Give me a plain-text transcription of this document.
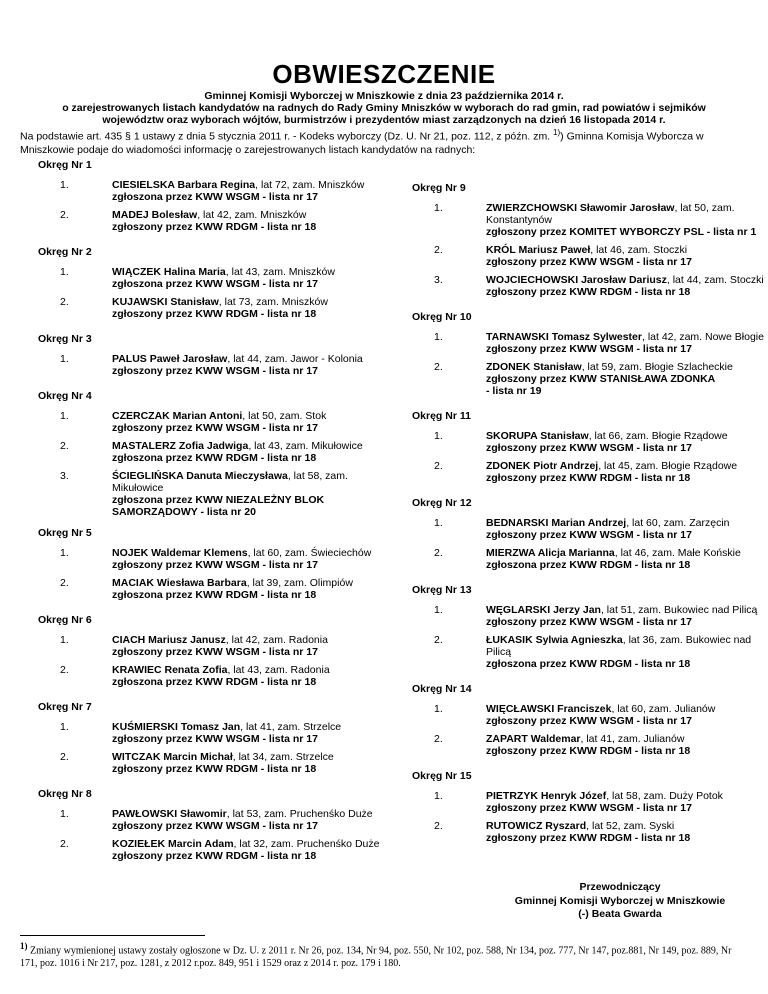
OBWIESZCZENIE
Gminnej Komisji Wyborczej w Mniszkowie z dnia 23 października 2014 r.
o zarejestrowanych listach kandydatów na radnych do Rady Gminy Mniszków w wyborach do rad gmin, rad powiatów i sejmików
województw oraz wyborach wójtów, burmistrzów i prezydentów miast zarządzonych na dzień 16 listopada 2014 r.
Na podstawie art. 435 § 1 ustawy z dnia 5 stycznia 2011 r. - Kodeks wyborczy (Dz. U. Nr 21, poz. 112, z późn. zm. $^{1)}$) Gminna Komisja Wyborcza w Mniszkowie podaje do wiadomości informację o zarejestrowanych listach kandydatów na radnych:
Okręg Nr 1
1.	CIESIELSKA Barbara Regina, lat 72, zam. Mniszków
zgłoszona przez KWW WSGM - lista nr 17
2.	MADEJ Bolesław, lat 42, zam. Mniszków
zgłoszony przez KWW RDGM - lista nr 18
Okręg Nr 2
1.	WIĄCZEK Halina Maria, lat 43, zam. Mniszków
zgłoszona przez KWW WSGM - lista nr 17
2.	KUJAWSKI Stanisław, lat 73, zam. Mniszków
zgłoszony przez KWW RDGM - lista nr 18
Okręg Nr 3
1.	PALUS Paweł Jarosław, lat 44, zam. Jawor - Kolonia
zgłoszony przez KWW WSGM - lista nr 17
Okręg Nr 4
1.	CZERCZAK Marian Antoni, lat 50, zam. Stok
zgłoszony przez KWW WSGM - lista nr 17
2.	MASTALERZ Zofia Jadwiga, lat 43, zam. Mikułowice
zgłoszona przez KWW RDGM - lista nr 18
3.	ŚCIEGLIŃSKA Danuta Mieczysława, lat 58, zam.
Mikułowice
zgłoszona przez KWW NIEZALEŻNY BLOK
SAMORZĄDOWY - lista nr 20
Okręg Nr 5
1.	NOJEK Waldemar Klemens, lat 60, zam. Świeciechów
zgłoszony przez KWW WSGM - lista nr 17
2.	MACIAK Wiesława Barbara, lat 39, zam. Olimpiów
zgłoszona przez KWW RDGM - lista nr 18
Okręg Nr 6
1.	CIACH Mariusz Janusz, lat 42, zam. Radonia
zgłoszony przez KWW WSGM - lista nr 17
2.	KRAWIEC Renata Zofia, lat 43, zam. Radonia
zgłoszona przez KWW RDGM - lista nr 18
Okręg Nr 7
1.	KUŚMIERSKI Tomasz Jan, lat 41, zam. Strzelce
zgłoszony przez KWW WSGM - lista nr 17
2.	WITCZAK Marcin Michał, lat 34, zam. Strzelce
zgłoszony przez KWW RDGM - lista nr 18
Okręg Nr 8
1.	PAWŁOWSKI Sławomir, lat 53, zam. Pruchenśko Duże
zgłoszony przez KWW WSGM - lista nr 17
2.	KOZIEŁEK Marcin Adam, lat 32, zam. Pruchenśko Duże
zgłoszony przez KWW RDGM - lista nr 18
Okręg Nr 9
1.	ZWIERZCHOWSKI Sławomir Jarosław, lat 50, zam.
Konstantynów
zgłoszony przez KOMITET WYBORCZY PSL - lista nr 1
2.	KRÓL Mariusz Paweł, lat 46, zam. Stoczki
zgłoszony przez KWW WSGM - lista nr 17
3.	WOJCIECHOWSKI Jarosław Dariusz, lat 44, zam. Stoczki
zgłoszony przez KWW RDGM - lista nr 18
Okręg Nr 10
1.	TARNAWSKI Tomasz Sylwester, lat 42, zam. Nowe Błogie
zgłoszony przez KWW WSGM - lista nr 17
2.	ZDONEK Stanisław, lat 59, zam. Błogie Szlacheckie
zgłoszony przez KWW STANISŁAWA ZDONKA
- lista nr 19
Okręg Nr 11
1.	SKORUPA Stanisław, lat 66, zam. Błogie Rządowe
zgłoszony przez KWW WSGM - lista nr 17
2.	ZDONEK Piotr Andrzej, lat 45, zam. Błogie Rządowe
zgłoszony przez KWW RDGM - lista nr 18
Okręg Nr 12
1.	BEDNARSKI Marian Andrzej, lat 60, zam. Zarzęcin
zgłoszony przez KWW WSGM - lista nr 17
2.	MIERZWA Alicja Marianna, lat 46, zam. Małe Końskie
zgłoszona przez KWW RDGM - lista nr 18
Okręg Nr 13
1.	WĘGLARSKI Jerzy Jan, lat 51, zam. Bukowiec nad Pilicą
zgłoszony przez KWW WSGM - lista nr 17
2.	ŁUKASIK Sylwia Agnieszka, lat 36, zam. Bukowiec nad
Pilicą
zgłoszona przez KWW RDGM - lista nr 18
Okręg Nr 14
1.	WIĘCŁAWSKI Franciszek, lat 60, zam. Julianów
zgłoszony przez KWW WSGM - lista nr 17
2.	ZAPART Waldemar, lat 41, zam. Julianów
zgłoszony przez KWW RDGM - lista nr 18
Okręg Nr 15
1.	PIETRZYK Henryk Józef, lat 58, zam. Duży Potok
zgłoszony przez KWW WSGM - lista nr 17
2.	RUTOWICZ Ryszard, lat 52, zam. Syski
zgłoszony przez KWW RDGM - lista nr 18
Przewodniczący
Gminnej Komisji Wyborczej w Mniszkowie
(-) Beata Gwarda
$^{1)}$ Zmiany wymienionej ustawy zostały ogłoszone w Dz. U. z 2011 r. Nr 26, poz. 134, Nr 94, poz. 550, Nr 102, poz. 588, Nr 134, poz. 777, Nr 147, poz.881, Nr 149, poz. 889, Nr 171, poz. 1016 i Nr 217, poz. 1281, z 2012 r.poz. 849, 951 i 1529 oraz z 2014 r. poz. 179 i 180.
